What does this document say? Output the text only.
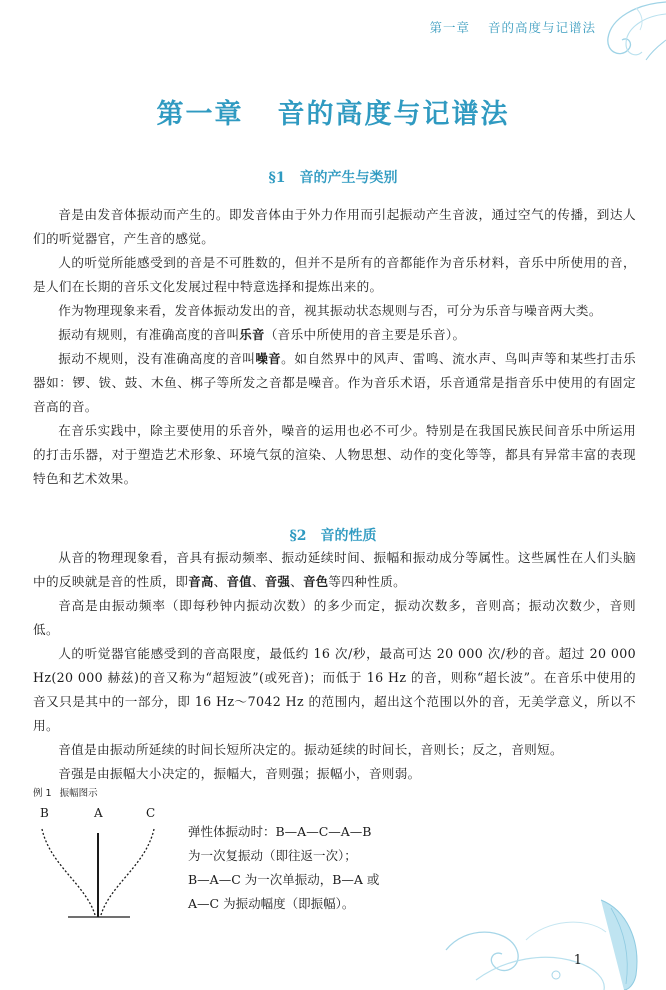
第一章 音的高度与记谱法
第一章 音的高度与记谱法
§1 音的产生与类别

音是由发音体振动而产生的。即发音体由于外力作用而引起振动产生音波，通过空气的传播，到达人们的听觉器官，产生音的感觉。

人的听觉所能感受到的音是不可胜数的，但并不是所有的音都能作为音乐材料，音乐中所使用的音，是人们在长期的音乐文化发展过程中特意选择和提炼出来的。

作为物理现象来看，发音体振动发出的音，视其振动状态规则与否，可分为乐音与噪音两大类。

振动有规则，有准确高度的音叫乐音（音乐中所使用的音主要是乐音）。

振动不规则，没有准确高度的音叫噪音。如自然界中的风声、雷鸣、流水声、鸟叫声等和某些打击乐器如：锣、钹、鼓、木鱼、梆子等所发之音都是噪音。作为音乐术语，乐音通常是指音乐中使用的有固定音高的音。

在音乐实践中，除主要使用的乐音外，噪音的运用也必不可少。特别是在我国民族民间音乐中所运用的打击乐器，对于塑造艺术形象、环境气氛的渲染、人物思想、动作的变化等等，都具有异常丰富的表现特色和艺术效果。

§2 音的性质

从音的物理现象看，音具有振动频率、振动延续时间、振幅和振动成分等属性。这些属性在人们头脑中的反映就是音的性质，即音高、音值、音强、音色等四种性质。

音高是由振动频率（即每秒钟内振动次数）的多少而定，振动次数多，音则高；振动次数少，音则低。

人的听觉器官能感受到的音高限度，最低约 16 次/秒，最高可达 20 000 次/秒的音。超过 20 000 Hz(20 000 赫兹)的音又称为“超短波”(或死音)；而低于 16 Hz 的音，则称“超长波”。在音乐中使用的音又只是其中的一部分，即 16 Hz～7042 Hz 的范围内，超出这个范围以外的音，无美学意义，所以不用。

音值是由振动所延续的时间长短所决定的。振动延续的时间长，音则长；反之，音则短。

音强是由振幅大小决定的，振幅大，音则强；振幅小，音则弱。

例 1 振幅图示
B	A	C
弹性体振动时：B—A—C—A—B
为一次复振动（即往返一次）；
B—A—C 为一次单振动，B—A 或
A—C 为振动幅度（即振幅）。
1
